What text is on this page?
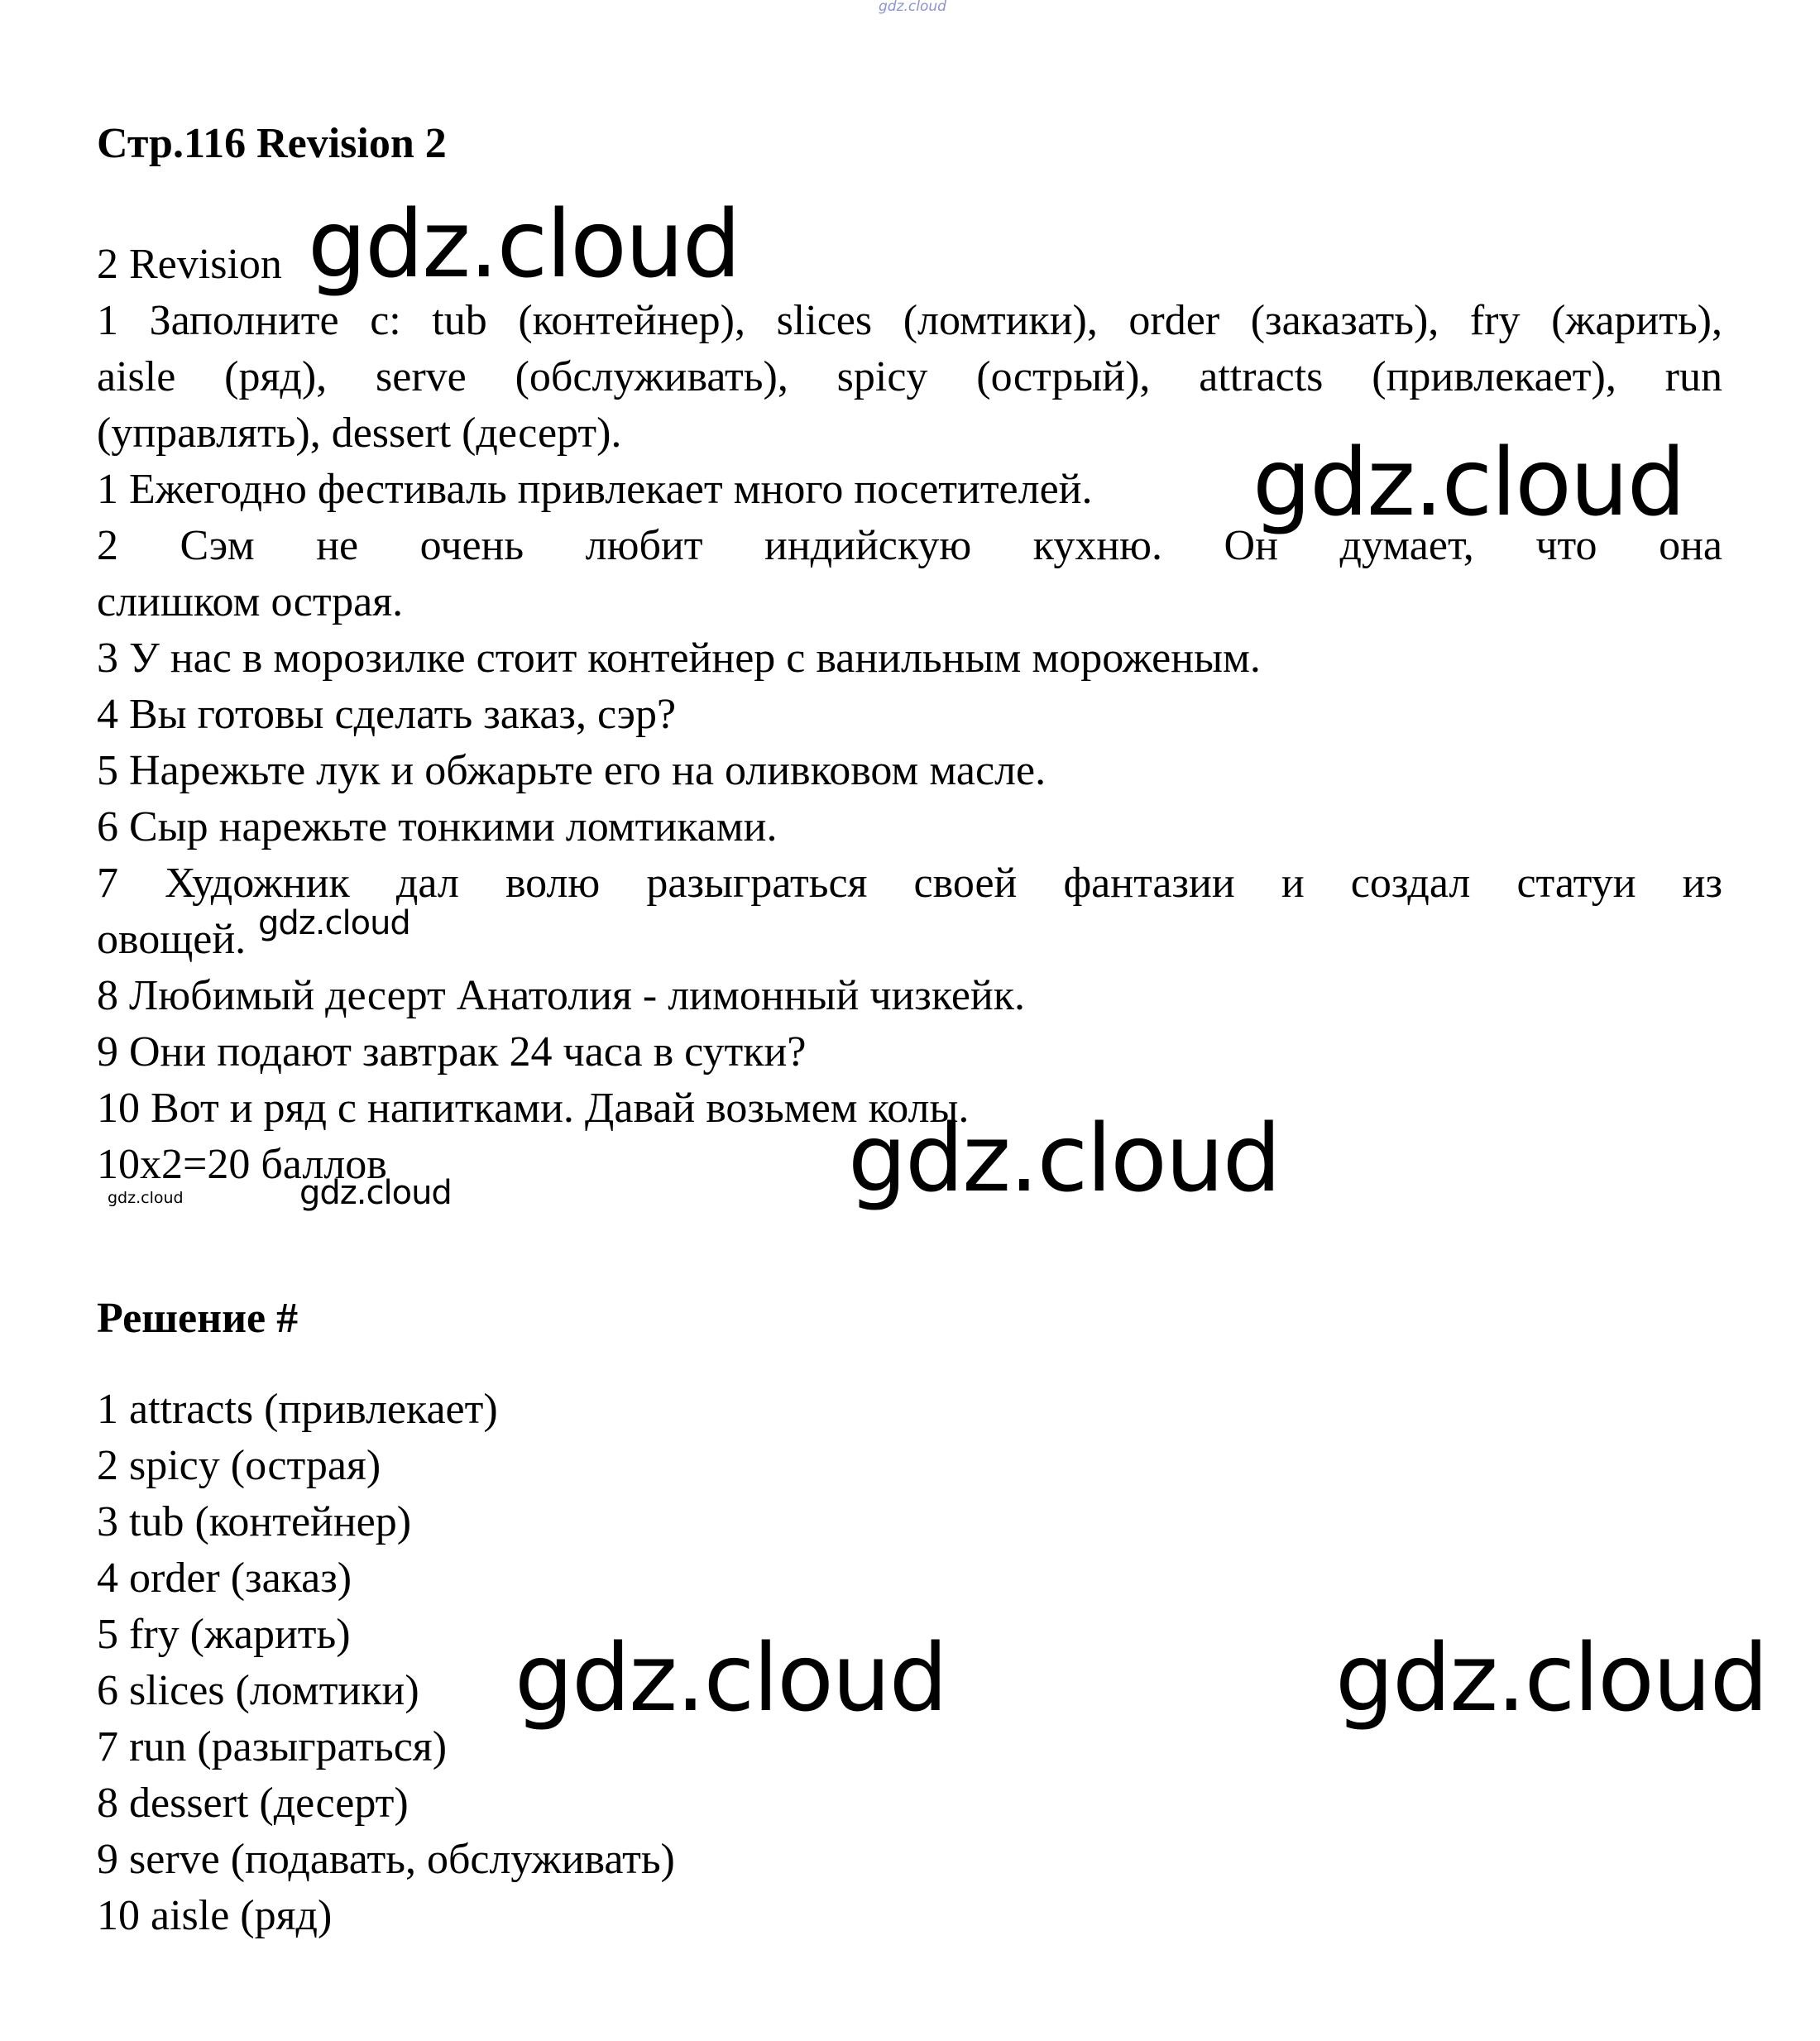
gdz.cloud
Стр.116 Revision 2
2 Revision
1 Заполните с: tub (контейнер), slices (ломтики), order (заказать), fry (жарить),
aisle (ряд), serve (обслуживать), spicy (острый), attracts (привлекает), run
(управлять), dessert (десерт).
1 Ежегодно фестиваль привлекает много посетителей.
2 Сэм не очень любит индийскую кухню. Он думает, что она
слишком острая.
3 У нас в морозилке стоит контейнер с ванильным мороженым.
4 Вы готовы сделать заказ, сэр?
5 Нарежьте лук и обжарьте его на оливковом масле.
6 Сыр нарежьте тонкими ломтиками.
7 Художник дал волю разыграться своей фантазии и создал статуи из
овощей.
8 Любимый десерт Анатолия - лимонный чизкейк.
9 Они подают завтрак 24 часа в сутки?
10 Вот и ряд с напитками. Давай возьмем колы.
10x2=20 баллов
Решение #
1 attracts (привлекает)
2 spicy (острая)
3 tub (контейнер)
4 order (заказ)
5 fry (жарить)
6 slices (ломтики)
7 run (разыграться)
8 dessert (десерт)
9 serve (подавать, обслуживать)
10 aisle (ряд)
gdz.cloud
gdz.cloud
gdz.cloud
gdz.cloud
gdz.cloud	gdz.cloud
gdz.cloud	gdz.cloud
